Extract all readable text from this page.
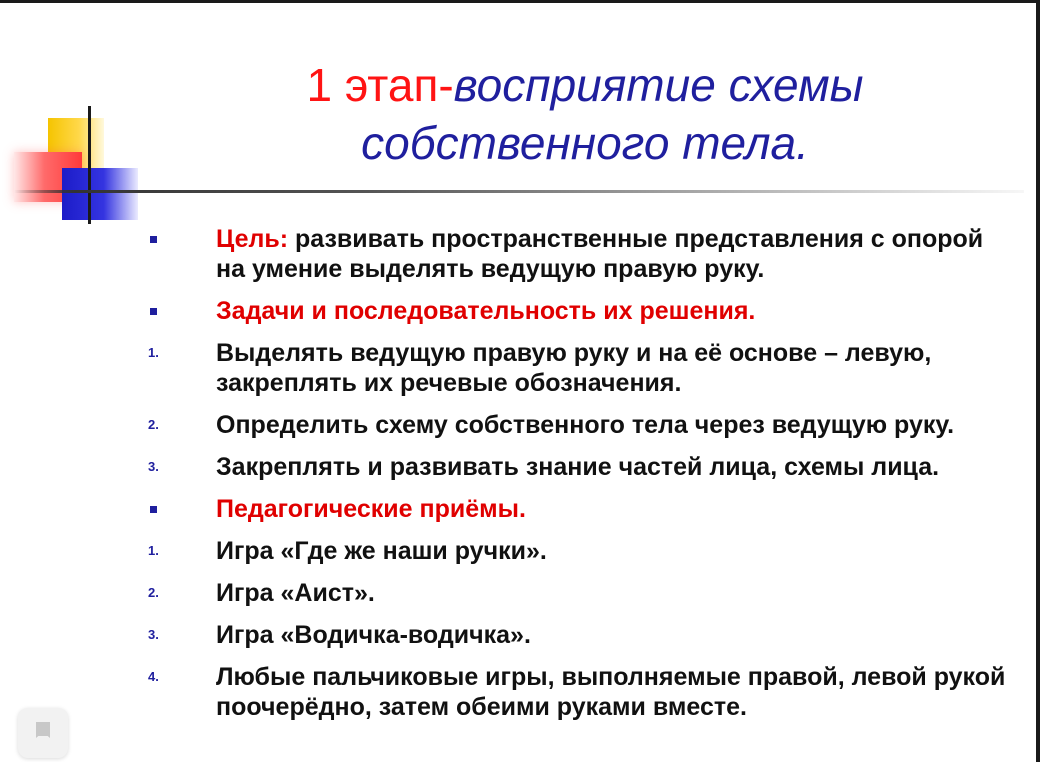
1 этап-восприятие схемы собственного тела.
Цель: развивать пространственные представления с опорой на умение выделять ведущую правую руку.
Задачи и последовательность их решения.
1.	Выделять ведущую правую руку и на её основе – левую, закреплять их речевые обозначения.
2.	Определить схему собственного тела через ведущую руку.
3.	Закреплять и развивать знание частей лица, схемы лица.
Педагогические приёмы.
1.	Игра «Где же наши ручки».
2.	Игра «Аист».
3.	Игра «Водичка-водичка».
4.	Любые пальчиковые игры, выполняемые правой, левой рукой поочерёдно, затем обеими руками вместе.
